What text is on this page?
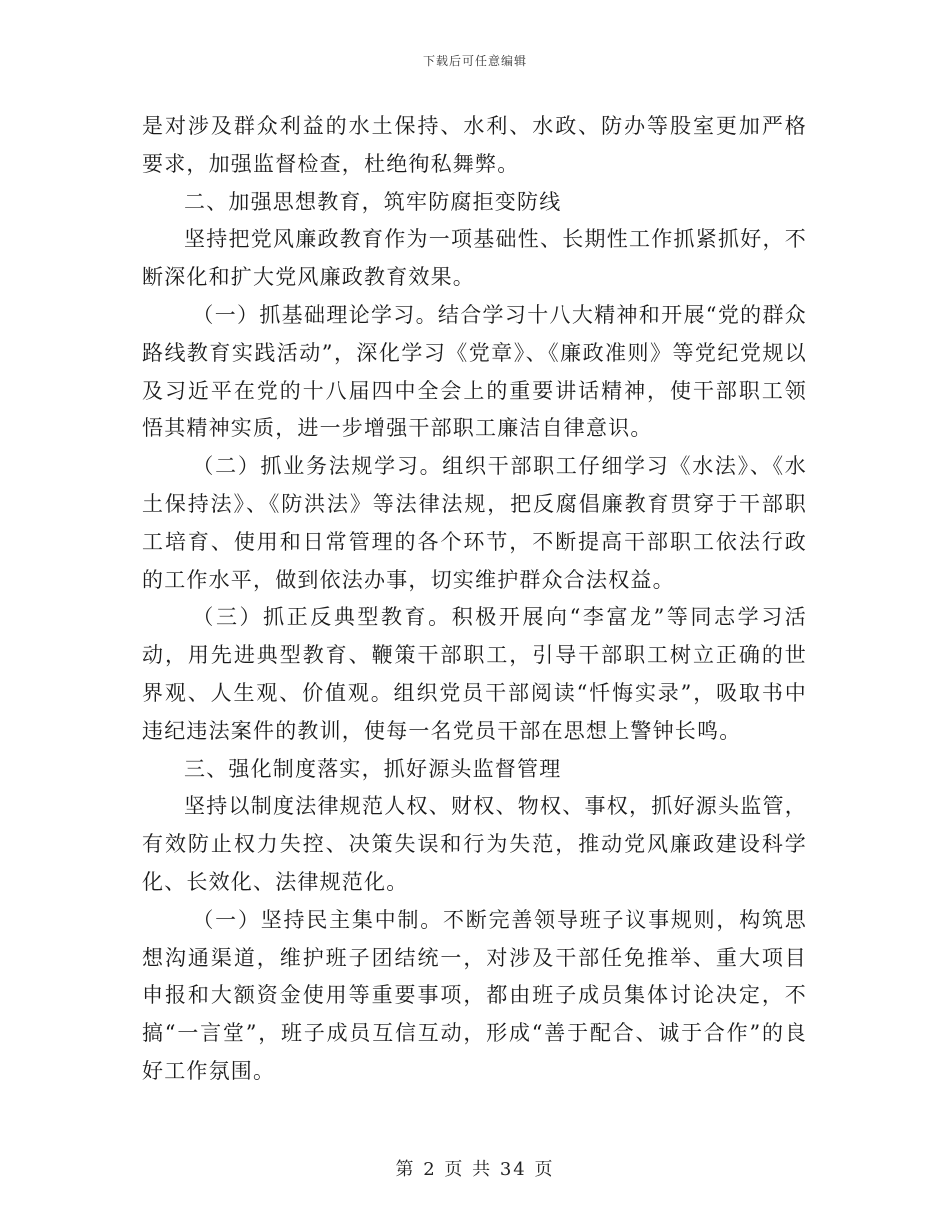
下载后可任意编辑

是对涉及群众利益的水土保持、水利、水政、防办等股室更加严格要求，加强监督检查，杜绝徇私舞弊。

二、加强思想教育，筑牢防腐拒变防线

坚持把党风廉政教育作为一项基础性、长期性工作抓紧抓好，不断深化和扩大党风廉政教育效果。

（一）抓基础理论学习。结合学习十八大精神和开展“党的群众路线教育实践活动”，深化学习《党章》、《廉政准则》等党纪党规以及习近平在党的十八届四中全会上的重要讲话精神，使干部职工领悟其精神实质，进一步增强干部职工廉洁自律意识。

（二）抓业务法规学习。组织干部职工仔细学习《水法》、《水土保持法》、《防洪法》等法律法规，把反腐倡廉教育贯穿于干部职工培育、使用和日常管理的各个环节，不断提高干部职工依法行政的工作水平，做到依法办事，切实维护群众合法权益。

（三）抓正反典型教育。积极开展向“李富龙”等同志学习活动，用先进典型教育、鞭策干部职工，引导干部职工树立正确的世界观、人生观、价值观。组织党员干部阅读“忏悔实录”，吸取书中违纪违法案件的教训，使每一名党员干部在思想上警钟长鸣。

三、强化制度落实，抓好源头监督管理

坚持以制度法律规范人权、财权、物权、事权，抓好源头监管，有效防止权力失控、决策失误和行为失范，推动党风廉政建设科学化、长效化、法律规范化。

（一）坚持民主集中制。不断完善领导班子议事规则，构筑思想沟通渠道，维护班子团结统一，对涉及干部任免推举、重大项目申报和大额资金使用等重要事项，都由班子成员集体讨论决定，不搞“一言堂”，班子成员互信互动，形成“善于配合、诚于合作”的良好工作氛围。

第 2 页 共 34 页
